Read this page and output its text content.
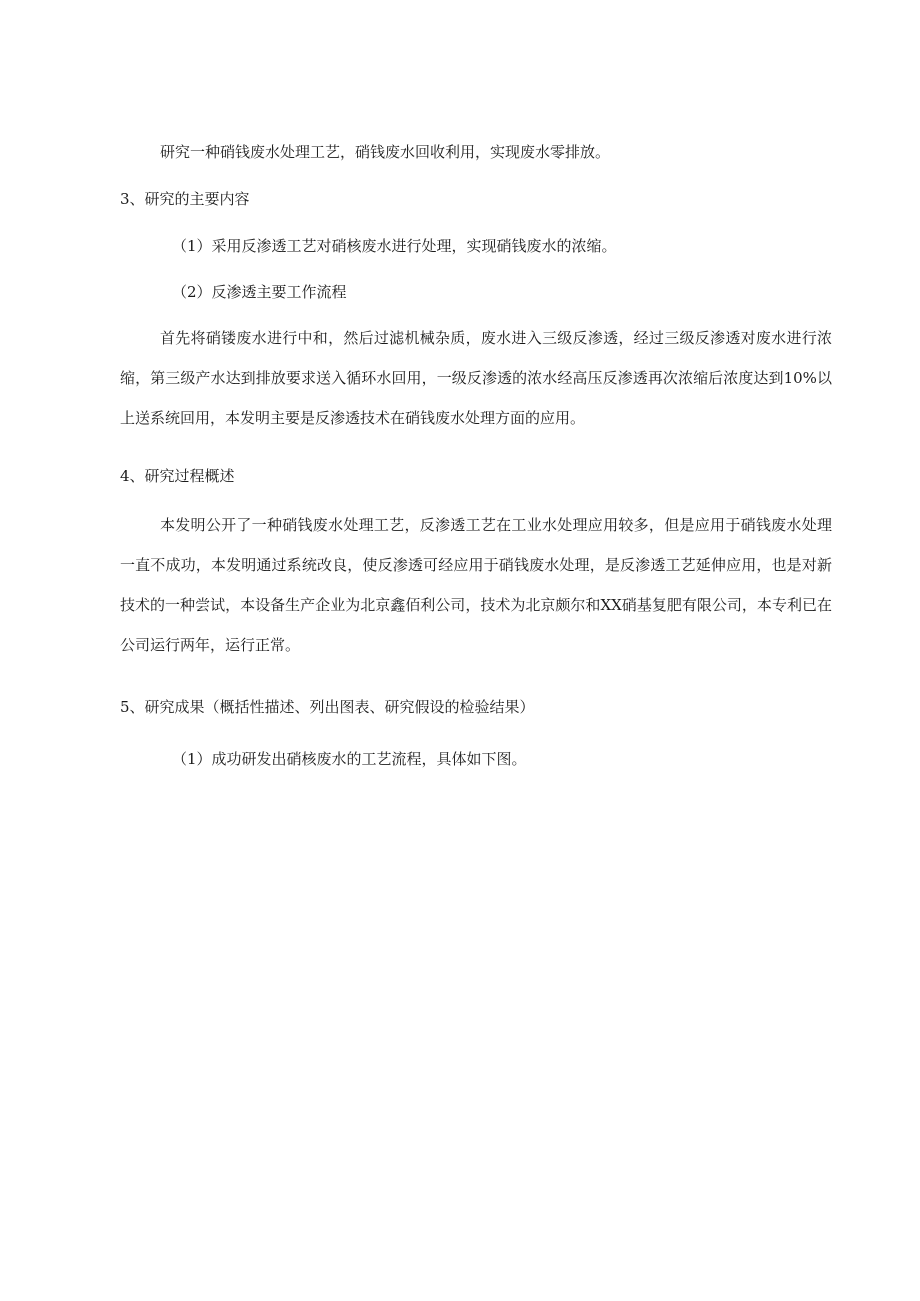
研究一种硝钱废水处理工艺，硝钱废水回收利用，实现废水零排放。

3、研究的主要内容

（1）采用反渗透工艺对硝核废水进行处理，实现硝钱废水的浓缩。

（2）反渗透主要工作流程

首先将硝镂废水进行中和，然后过滤机械杂质，废水进入三级反渗透，经过三级反渗透对废水进行浓缩，第三级产水达到排放要求送入循环水回用，一级反渗透的浓水经高压反渗透再次浓缩后浓度达到10%以上送系统回用，本发明主要是反渗透技术在硝钱废水处理方面的应用。

4、研究过程概述

本发明公开了一种硝钱废水处理工艺，反渗透工艺在工业水处理应用较多，但是应用于硝钱废水处理一直不成功，本发明通过系统改良，使反渗透可经应用于硝钱废水处理，是反渗透工艺延伸应用，也是对新技术的一种尝试，本设备生产企业为北京鑫佰利公司，技术为北京颇尔和XX硝基复肥有限公司，本专利已在公司运行两年，运行正常。

5、研究成果（概括性描述、列出图表、研究假设的检验结果）

（1）成功研发出硝核废水的工艺流程，具体如下图。
